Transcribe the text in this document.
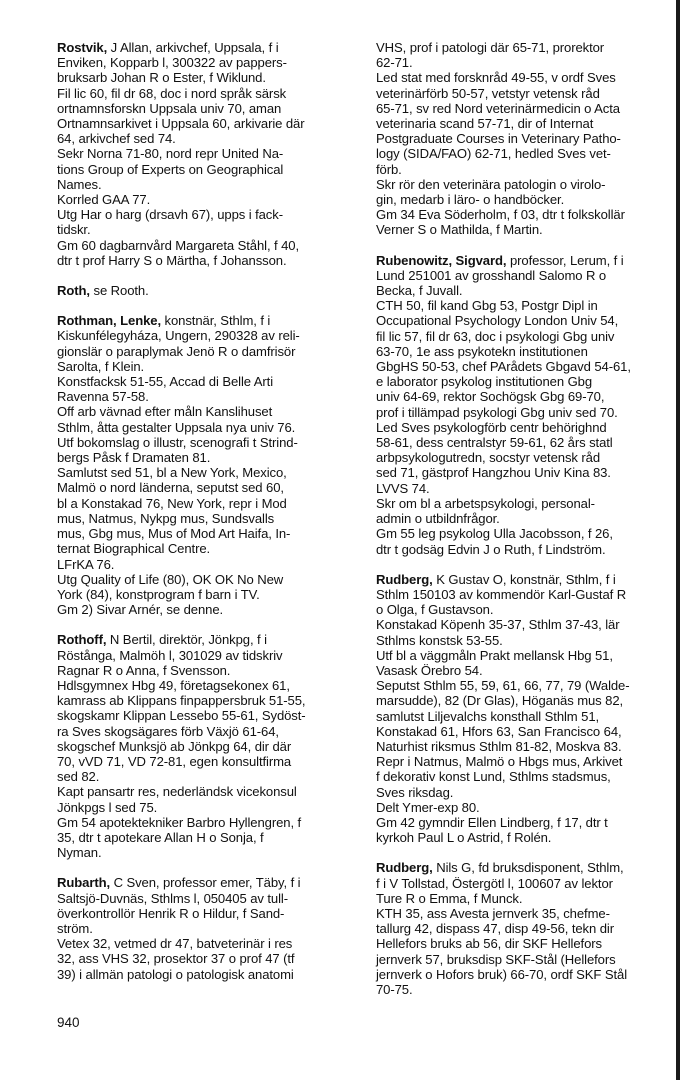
Rostvik, J Allan, arkivchef, Uppsala, f i
Enviken, Kopparb l, 300322 av pappers-
bruksarb Johan R o Ester, f Wiklund.
Fil lic 60, fil dr 68, doc i nord språk särsk
ortnamnsforskn Uppsala univ 70, aman
Ortnamnsarkivet i Uppsala 60, arkivarie där
64, arkivchef sed 74.
Sekr Norna 71-80, nord repr United Na-
tions Group of Experts on Geographical
Names.
Korrled GAA 77.
Utg Har o harg (drsavh 67), upps i fack-
tidskr.
Gm 60 dagbarnvård Margareta Ståhl, f 40,
dtr t prof Harry S o Märtha, f Johansson.
Roth, se Rooth.
Rothman, Lenke, konstnär, Sthlm, f i
Kiskunfélegyháza, Ungern, 290328 av reli-
gionslär o paraplymak Jenö R o damfrisör
Sarolta, f Klein.
Konstfacksk 51-55, Accad di Belle Arti
Ravenna 57-58.
Off arb vävnad efter måln Kanslihuset
Sthlm, åtta gestalter Uppsala nya univ 76.
Utf bokomslag o illustr, scenografi t Strind-
bergs Påsk f Dramaten 81.
Samlutst sed 51, bl a New York, Mexico,
Malmö o nord länderna, seputst sed 60,
bl a Konstakad 76, New York, repr i Mod
mus, Natmus, Nykpg mus, Sundsvalls
mus, Gbg mus, Mus of Mod Art Haifa, In-
ternat Biographical Centre.
LFrKA 76.
Utg Quality of Life (80), OK OK No New
York (84), konstprogram f barn i TV.
Gm 2) Sivar Arnér, se denne.
Rothoff, N Bertil, direktör, Jönkpg, f i
Röstånga, Malmöh l, 301029 av tidskriv
Ragnar R o Anna, f Svensson.
Hdlsgymnex Hbg 49, företagsekonex 61,
kamrass ab Klippans finpappersbruk 51-55,
skogskamr Klippan Lessebo 55-61, Sydöst-
ra Sves skogsägares förb Växjö 61-64,
skogschef Munksjö ab Jönkpg 64, dir där
70, vVD 71, VD 72-81, egen konsultfirma
sed 82.
Kapt pansartr res, nederländsk vicekonsul
Jönkpgs l sed 75.
Gm 54 apotektekniker Barbro Hyllengren, f
35, dtr t apotekare Allan H o Sonja, f
Nyman.
Rubarth, C Sven, professor emer, Täby, f i
Saltsjö-Duvnäs, Sthlms l, 050405 av tull-
överkontrollör Henrik R o Hildur, f Sand-
ström.
Vetex 32, vetmed dr 47, batveterinär i res
32, ass VHS 32, prosektor 37 o prof 47 (tf
39) i allmän patologi o patologisk anatomi
VHS, prof i patologi där 65-71, prorektor
62-71.
Led stat med forsknråd 49-55, v ordf Sves
veterinärförb 50-57, vetstyr vetensk råd
65-71, sv red Nord veterinärmedicin o Acta
veterinaria scand 57-71, dir of Internat
Postgraduate Courses in Veterinary Patho-
logy (SIDA/FAO) 62-71, hedled Sves vet-
förb.
Skr rör den veterinära patologin o virolo-
gin, medarb i läro- o handböcker.
Gm 34 Eva Söderholm, f 03, dtr t folkskollär
Verner S o Mathilda, f Martin.
Rubenowitz, Sigvard, professor, Lerum, f i
Lund 251001 av grosshandl Salomo R o
Becka, f Juvall.
CTH 50, fil kand Gbg 53, Postgr Dipl in
Occupational Psychology London Univ 54,
fil lic 57, fil dr 63, doc i psykologi Gbg univ
63-70, 1e ass psykotekn institutionen
GbgHS 50-53, chef PArådets Gbgavd 54-61,
e laborator psykolog institutionen Gbg
univ 64-69, rektor Sochögsk Gbg 69-70,
prof i tillämpad psykologi Gbg univ sed 70.
Led Sves psykologförb centr behörighnd
58-61, dess centralstyr 59-61, 62 års statl
arbpsykologutredn, socstyr vetensk råd
sed 71, gästprof Hangzhou Univ Kina 83.
LVVS 74.
Skr om bl a arbetspsykologi, personal-
admin o utbildnfrågor.
Gm 55 leg psykolog Ulla Jacobsson, f 26,
dtr t godsäg Edvin J o Ruth, f Lindström.
Rudberg, K Gustav O, konstnär, Sthlm, f i
Sthlm 150103 av kommendör Karl-Gustaf R
o Olga, f Gustavson.
Konstakad Köpenh 35-37, Sthlm 37-43, lär
Sthlms konstsk 53-55.
Utf bl a väggmåln Prakt mellansk Hbg 51,
Vasask Örebro 54.
Seputst Sthlm 55, 59, 61, 66, 77, 79 (Walde-
marsudde), 82 (Dr Glas), Höganäs mus 82,
samlutst Liljevalchs konsthall Sthlm 51,
Konstakad 61, Hfors 63, San Francisco 64,
Naturhist riksmus Sthlm 81-82, Moskva 83.
Repr i Natmus, Malmö o Hbgs mus, Arkivet
f dekorativ konst Lund, Sthlms stadsmus,
Sves riksdag.
Delt Ymer-exp 80.
Gm 42 gymndir Ellen Lindberg, f 17, dtr t
kyrkoh Paul L o Astrid, f Rolén.
Rudberg, Nils G, fd bruksdisponent, Sthlm,
f i V Tollstad, Östergötl l, 100607 av lektor
Ture R o Emma, f Munck.
KTH 35, ass Avesta jernverk 35, chefme-
tallurg 42, dispass 47, disp 49-56, tekn dir
Hellefors bruks ab 56, dir SKF Hellefors
jernverk 57, bruksdisp SKF-Stål (Hellefors
jernverk o Hofors bruk) 66-70, ordf SKF Stål
70-75.
940
